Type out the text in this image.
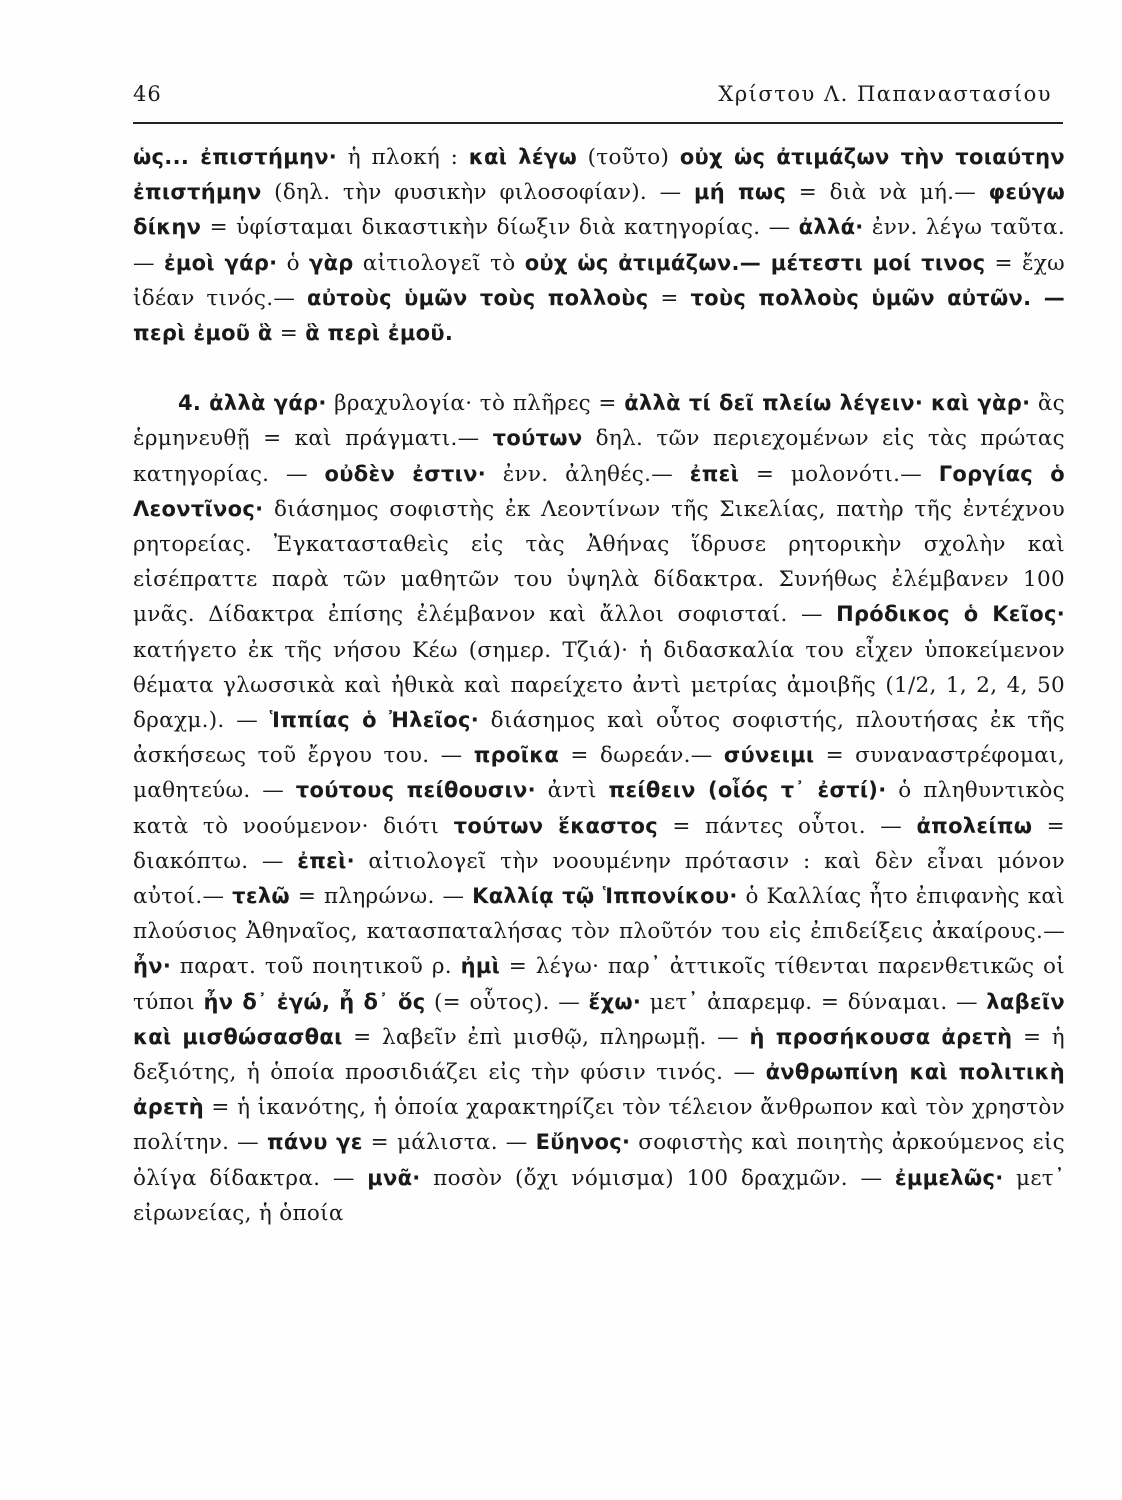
46	Χρίστου Λ. Παπαναστασίου

ὡς... ἐπιστήμην· ἡ πλοκή : καὶ λέγω (τοῦτο) οὐχ ὡς ἀτιμάζων τὴν τοιαύτην ἐπιστήμην (δηλ. τὴν φυσικὴν φιλοσοφίαν). — μή πως = διὰ νὰ μή.— φεύγω δίκην = ὑφίσταμαι δικαστικὴν δίωξιν διὰ κατηγορίας. — ἀλλά· ἐνν. λέγω ταῦτα. — ἐμοὶ γάρ· ὁ γὰρ αἰτιολογεῖ τὸ οὐχ ὡς ἀτιμάζων.— μέτεστι μοί τινος = ἔχω ἰδέαν τινός.— αὐτοὺς ὑμῶν τοὺς πολλοὺς = τοὺς πολλοὺς ὑμῶν αὐτῶν. — περὶ ἐμοῦ ἃ = ἃ περὶ ἐμοῦ.

4. ἀλλὰ γάρ· βραχυλογία· τὸ πλῆρες = ἀλλὰ τί δεῖ πλείω λέγειν· καὶ γὰρ· ἂς ἑρμηνευθῇ = καὶ πράγματι.— τούτων δηλ. τῶν περιεχομένων εἰς τὰς πρώτας κατηγορίας. — οὐδὲν ἐστιν· ἐνν. ἀληθές.— ἐπεὶ = μολονότι.— Γοργίας ὁ Λεοντῖνος· διάσημος σοφιστὴς ἐκ Λεοντίνων τῆς Σικελίας, πατὴρ τῆς ἐντέχνου ρητορείας. Ἐγκατασταθεὶς εἰς τὰς Ἀθήνας ἵδρυσε ρητορικὴν σχολὴν καὶ εἰσέπραττε παρὰ τῶν μαθητῶν του ὑψηλὰ δίδακτρα. Συνήθως ἐλέμβανεν 100 μνᾶς. Δίδακτρα ἐπίσης ἐλέμβανον καὶ ἄλλοι σοφισταί. — Πρόδικος ὁ Κεῖος· κατήγετο ἐκ τῆς νήσου Κέω (σημερ. Τζιά)· ἡ διδασκαλία του εἶχεν ὑποκείμενον θέματα γλωσσικὰ καὶ ἠθικὰ καὶ παρείχετο ἀντὶ μετρίας ἀμοιβῆς (1/2, 1, 2, 4, 50 δραχμ.). — Ἱππίας ὁ Ἠλεῖος· διάσημος καὶ οὗτος σοφιστής, πλουτήσας ἐκ τῆς ἀσκήσεως τοῦ ἔργου του. — προῖκα = δωρεάν.— σύνειμι = συναναστρέφομαι, μαθητεύω. — τούτους πείθουσιν· ἀντὶ πείθειν (οἷός τ᾿ ἐστί)· ὁ πληθυντικὸς κατὰ τὸ νοούμενον· διότι τούτων ἕκαστος = πάντες οὗτοι. — ἀπολείπω = διακόπτω. — ἐπεὶ· αἰτιολογεῖ τὴν νοουμένην πρότασιν : καὶ δὲν εἶναι μόνον αὐτοί.— τελῶ = πληρώνω. — Καλλίᾳ τῷ Ἱππονίκου· ὁ Καλλίας ἦτο ἐπιφανὴς καὶ πλούσιος Ἀθηναῖος, κατασπαταλήσας τὸν πλοῦτόν του εἰς ἐπιδείξεις ἀκαίρους.— ἦν· παρατ. τοῦ ποιητικοῦ ρ. ἠμὶ = λέγω· παρ᾿ ἀττικοῖς τίθενται παρενθετικῶς οἱ τύποι ἦν δ᾿ ἐγώ, ἦ δ᾿ ὅς (= οὗτος). — ἔχω· μετ᾿ ἀπαρεμφ. = δύναμαι. — λαβεῖν καὶ μισθώσασθαι = λαβεῖν ἐπὶ μισθῷ, πληρωμῇ. — ἡ προσήκουσα ἀρετὴ = ἡ δεξιότης, ἡ ὁποία προσιδιάζει εἰς τὴν φύσιν τινός. — ἀνθρωπίνη καὶ πολιτικὴ ἀρετὴ = ἡ ἱκανότης, ἡ ὁποία χαρακτηρίζει τὸν τέλειον ἄνθρωπον καὶ τὸν χρηστὸν πολίτην. — πάνυ γε = μάλιστα. — Εὔηνος· σοφιστὴς καὶ ποιητὴς ἀρκούμενος εἰς ὀλίγα δίδακτρα. — μνᾶ· ποσὸν (ὄχι νόμισμα) 100 δραχμῶν. — ἐμμελῶς· μετ᾿ εἰρωνείας, ἡ ὁποία
